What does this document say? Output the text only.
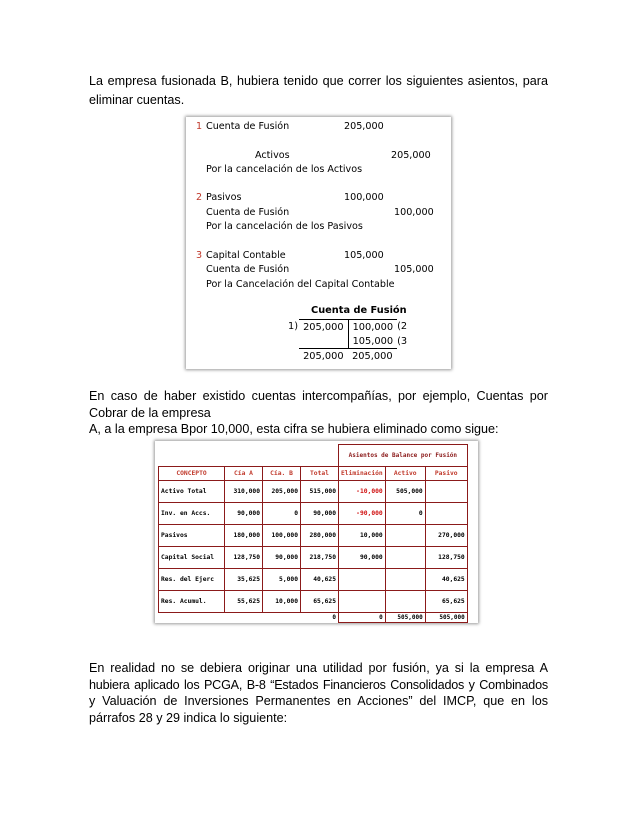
La empresa fusionada B, hubiera tenido que correr los siguientes asientos, para
eliminar cuentas.
1 Cuenta de Fusión	205,000
Activos	205,000
Por la cancelación de los Activos
2 Pasivos	100,000
Cuenta de Fusión	100,000
Por la cancelación de los Pasivos
3 Capital Contable	105,000
Cuenta de Fusión	105,000
Por la Cancelación del Capital Contable
Cuenta de Fusión
1)	205,000	100,000	(2
		105,000	(3
	205,000	205,000	
En caso de haber existido cuentas intercompañías, por ejemplo, Cuentas por
Cobrar de la empresa
A, a la empresa Bpor 10,000, esta cifra se hubiera eliminado como sigue:
				Asientos de Balance por Fusión		
CONCEPTO	Cía A	Cía. B	Total	Eliminación	Activo	Pasivo
Activo Total	310,000	205,000	515,000	-10,000	505,000	
Inv. en Accs.	90,000	0	90,000	-90,000	0	
Pasivos	180,000	100,000	280,000	10,000		270,000
Capital Social	128,750	90,000	218,750	90,000		128,750
Res. del Ejerc	35,625	5,000	40,625			40,625
Res. Acumul.	55,625	10,000	65,625			65,625
			0	0	505,000	505,000
En realidad no se debiera originar una utilidad por fusión, ya si la empresa A
hubiera aplicado los PCGA, B-8 “Estados Financieros Consolidados y Combinados
y Valuación de Inversiones Permanentes en Acciones” del IMCP, que en los
párrafos 28 y 29 indica lo siguiente:
